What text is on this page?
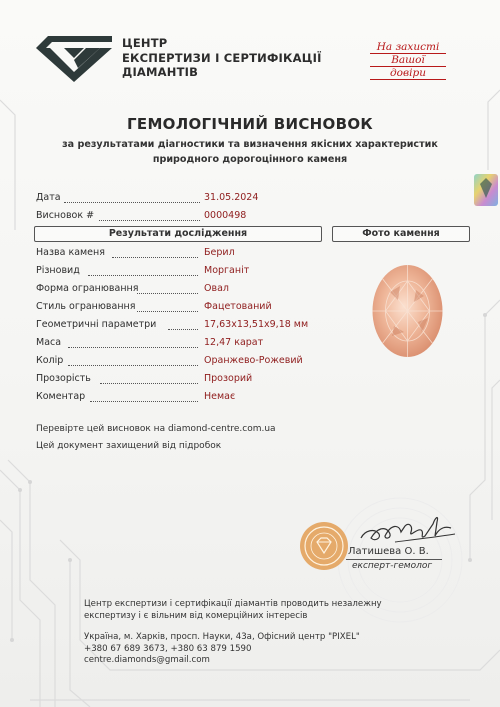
ЦЕНТР
ЕКСПЕРТИЗИ І СЕРТИФІКАЦІЇ
ДІАМАНТІВ
На захисті
Вашої
довіри
ГЕМОЛОГІЧНИЙ ВИСНОВОК
за результатами діагностики та визначення якісних характеристик
природного дорогоцінного каменя
Дата	31.05.2024
Висновок #	0000498
Результати дослідження	Фото камення
Назва каменя	Берил
Різновид	Морганіт
Форма огранювання	Овал
Стиль огранювання	Фацетований
Геометричні параметри	17,63x13,51x9,18 мм
Маса	12,47 карат
Колір	Оранжево-Рожевий
Прозорість	Прозорий
Коментар	Немає
Перевірте цей висновок на diamond-centre.com.ua
Цей документ захищений від підробок
Латишева О. В.
експерт-гемолог
Центр експертизи і сертифікації діамантів проводить незалежну
експертизу і є вільним від комерційних інтересів
Україна, м. Харків, просп. Науки, 43а, Офісний центр "PIXEL"
+380 67 689 3673, +380 63 879 1590
centre.diamonds@gmail.com
